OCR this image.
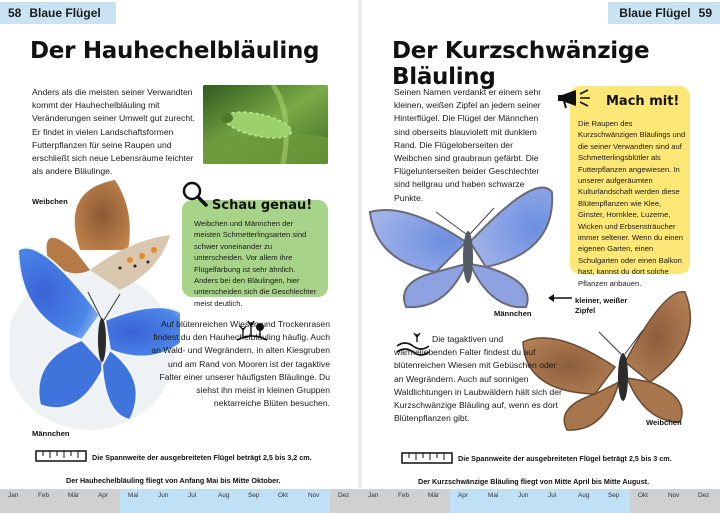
58 Blaue Flügel
Der Hauhechelbläuling
Anders als die meisten seiner Verwandten kommt der Hauhechelbläuling mit Veränderungen seiner Umwelt gut zurecht. Er findet in vielen Landschaftsformen Futterpflanzen für seine Raupen und erschließt sich neue Lebensräume leichter als andere Bläulinge.
Weibchen
Männchen
Weibchen und Männchen der meisten Schmetterlingsarten sind schwer voneinander zu unterscheiden. Vor allem ihre Flügelfärbung ist sehr ähnlich. Anders bei den Bläulingen, hier unterscheiden sich die Geschlechter meist deutlich.
Schau genau!
Auf blütenreichen Wiesen und Trockenrasen findest du den Hauhechelbläuling häufig. Auch an Wald- und Wegrändern, in alten Kiesgruben und am Rand von Mooren ist der tagaktive Falter einer unserer häufigsten Bläulinge. Du siehst ihn meist in kleinen Gruppen nektarreiche Blüten besuchen.
Die Spannweite der ausgebreiteten Flügel beträgt 2,5 bis 3,2 cm.
Der Hauhechelbläuling fliegt von Anfang Mai bis Mitte Oktober.
Blaue Flügel 59
Der Kurzschwänzige Bläuling
Seinen Namen verdankt er einem sehr kleinen, weißen Zipfel an jedem seiner Hinterflügel. Die Flügel der Männchen sind oberseits blauviolett mit dunklem Rand. Die Flügeloberseiten der Weibchen sind graubraun gefärbt. Die Flügelunterseiten beider Geschlechter sind hellgrau und haben schwarze Punkte.
Die Raupen des Kurzschwänzigen Bläulings und die seiner Verwandten sind auf Schmetterlingsblütler als Futterpflanzen angewiesen. In unserer aufgeräumten Kulturlandschaft werden diese Blütenpflanzen wie Klee, Ginster, Hornklee, Luzerne, Wicken und Erbsensträucher immer seltener. Wenn du einen eigenen Garten, einen Schulgarten oder einen Balkon hast, kannst du dort solche Pflanzen anbauen.
Mach mit!
Männchen
kleiner, weißer Zipfel
Weibchen
Die tagaktiven und wärmeliebenden Falter findest du auf blütenreichen Wiesen mit Gebüschen oder an Wegrändern. Auch auf sonnigen Waldlichtungen in Laubwäldern hält sich der Kurzschwänzige Bläuling auf, wenn es dort Blütenpflanzen gibt.
Die Spannweite der ausgebreiteten Flügel beträgt 2,5 bis 3 cm.
Der Kurzschwänzige Bläuling fliegt von Mitte April bis Mitte August.
Jan	Feb	Mär	Apr	Mai	Jun	Jul	Aug	Sep	Okt	Nov	Dez	Jan	Feb	Mär	Apr	Mai	Jun	Jul	Aug	Sep	Okt	Nov	Dez
